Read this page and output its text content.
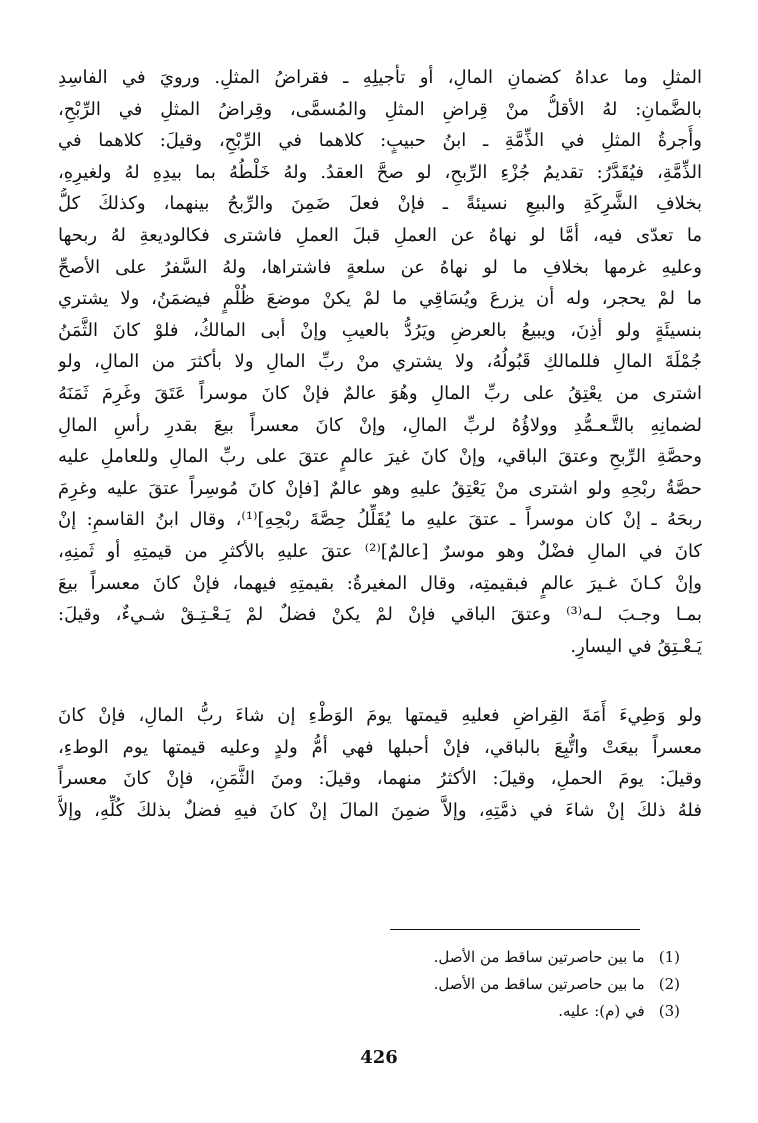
المثلِ وما عداهُ كضمانِ المالِ، أو تأجيلِهِ ـ فقراضُ المثلِ. ورويَ في الفاسِدِ
بالضَّمانِ: لهُ الأقلُّ منْ قِراضِ المثلِ والمُسمَّى، وقِراضُ المثلِ في الرِّبْحِ،
وأُجرةُ المثلِ في الذِّمَّةِ ـ ابنُ حبيبٍ: كلاهما في الرِّبْحِ، وقيلَ: كلاهما في
الذِّمَّةِ، فيُقَدَّرُ: تقديمُ جُزْءِ الرِّبحِ، لو صحَّ العقدُ. ولهُ خَلْطُهُ بما بيدِهِ لهُ ولغيرِهِ،
بخلافِ الشَّرِكَةِ والبيعِ نسيئةً ـ فإنْ فعلَ ضَمِنَ والرِّبحُ بينهما، وكذلكَ كلُّ
ما تعدّى فيه، أمَّا لو نهاهُ عن العملِ قبلَ العملِ فاشترى فكالوديعةِ لهُ ربحها
وعليهِ غرمها بخلافِ ما لو نهاهُ عن سلعةٍ فاشتراها، ولهُ السَّفرُ على الأصحِّ
ما لمْ يحجر، وله أن يزرعَ ويُسَاقِي ما لمْ يكنْ موضعَ ظُلْمٍ فيضمَنُ، ولا يشتري
بنسيئَةٍ ولو أذِنَ، ويبيعُ بالعرضِ ويَرُدُّ بالعيبِ وإنْ أبى المالكُ، فلوْ كانَ الثَّمَنُ
جُمْلَةَ المالِ فللمالكِ قَبُولُهُ، ولا يشتري منْ ربِّ المالِ ولا بأكثرَ من المالِ، ولو
اشترى من يعْتِقُ على ربِّ المالِ وهُوَ عالمٌ فإنْ كانَ موسراً عَتَقَ وغَرِمَ ثَمَنَهُ
لضمانِهِ بالتَّـعـمُّدِ وولاؤُهُ لربِّ المالِ، وإنْ كانَ معسراً بيعَ بقدرِ رأسِ المالِ
وحصَّةِ الرِّبحِ وعتقَ الباقي، وإنْ كانَ غيرَ عالمٍ عتقَ على ربِّ المالِ وللعاملِ عليه
حصَّةُ ربْحِهِ ولو اشترى منْ يَعْتِقُ عليهِ وهو عالمٌ [فإنْ كانَ مُوسِراً عتقَ عليه وغرِمَ
ربحَهُ ـ إنْ كان موسراً ـ عتقَ عليهِ ما يُقَلِّلُ حِصَّةَ ربْحِهِ]⁽¹⁾، وقال ابنُ القاسمِ: إنْ
كانَ في المالِ فضْلٌ وهو موسرٌ [عالمٌ]⁽²⁾ عتقَ عليهِ بالأكثرِ من قيمتِهِ أو ثَمنِهِ،
وإنْ كـانَ غـيرَ عالمٍ فبقيمتِه، وقال المغيرةُ: بقيمتِهِ فيهما، فإنْ كانَ معسراً بيعَ
بمـا وجـبَ لـه⁽³⁾ وعتقَ الباقي فإنْ لمْ يكنْ فضلٌ لمْ يَـعْـتِـقْ شـيءٌ، وقيلَ:
يَـعْـتِقُ في اليسارِ.
ولو وَطِيءَ أَمَةَ القِراضِ فعليهِ قيمتها يومَ الوَطْءِ إن شاءَ ربُّ المالِ، فإنْ كانَ
معسراً بيعَتْ واتُّبِعَ بالباقي، فإنْ أحبلها فهي أمُّ ولدٍ وعليه قيمتها يوم الوطءِ،
وقيلَ: يومَ الحملِ، وقيلَ: الأكثرُ منهما، وقيلَ: ومنَ الثَّمَنِ، فإنْ كانَ معسراً
فلهُ ذلكَ إنْ شاءَ في ذمَّتِهِ، وإلاَّ ضمِنَ المالَ إنْ كانَ فيهِ فضلٌ بذلكَ كُلِّهِ، وإلاَّ
(1)ما بين حاصرتين ساقط من الأصل.
(2)ما بين حاصرتين ساقط من الأصل.
(3)في (م): عليه.
426
